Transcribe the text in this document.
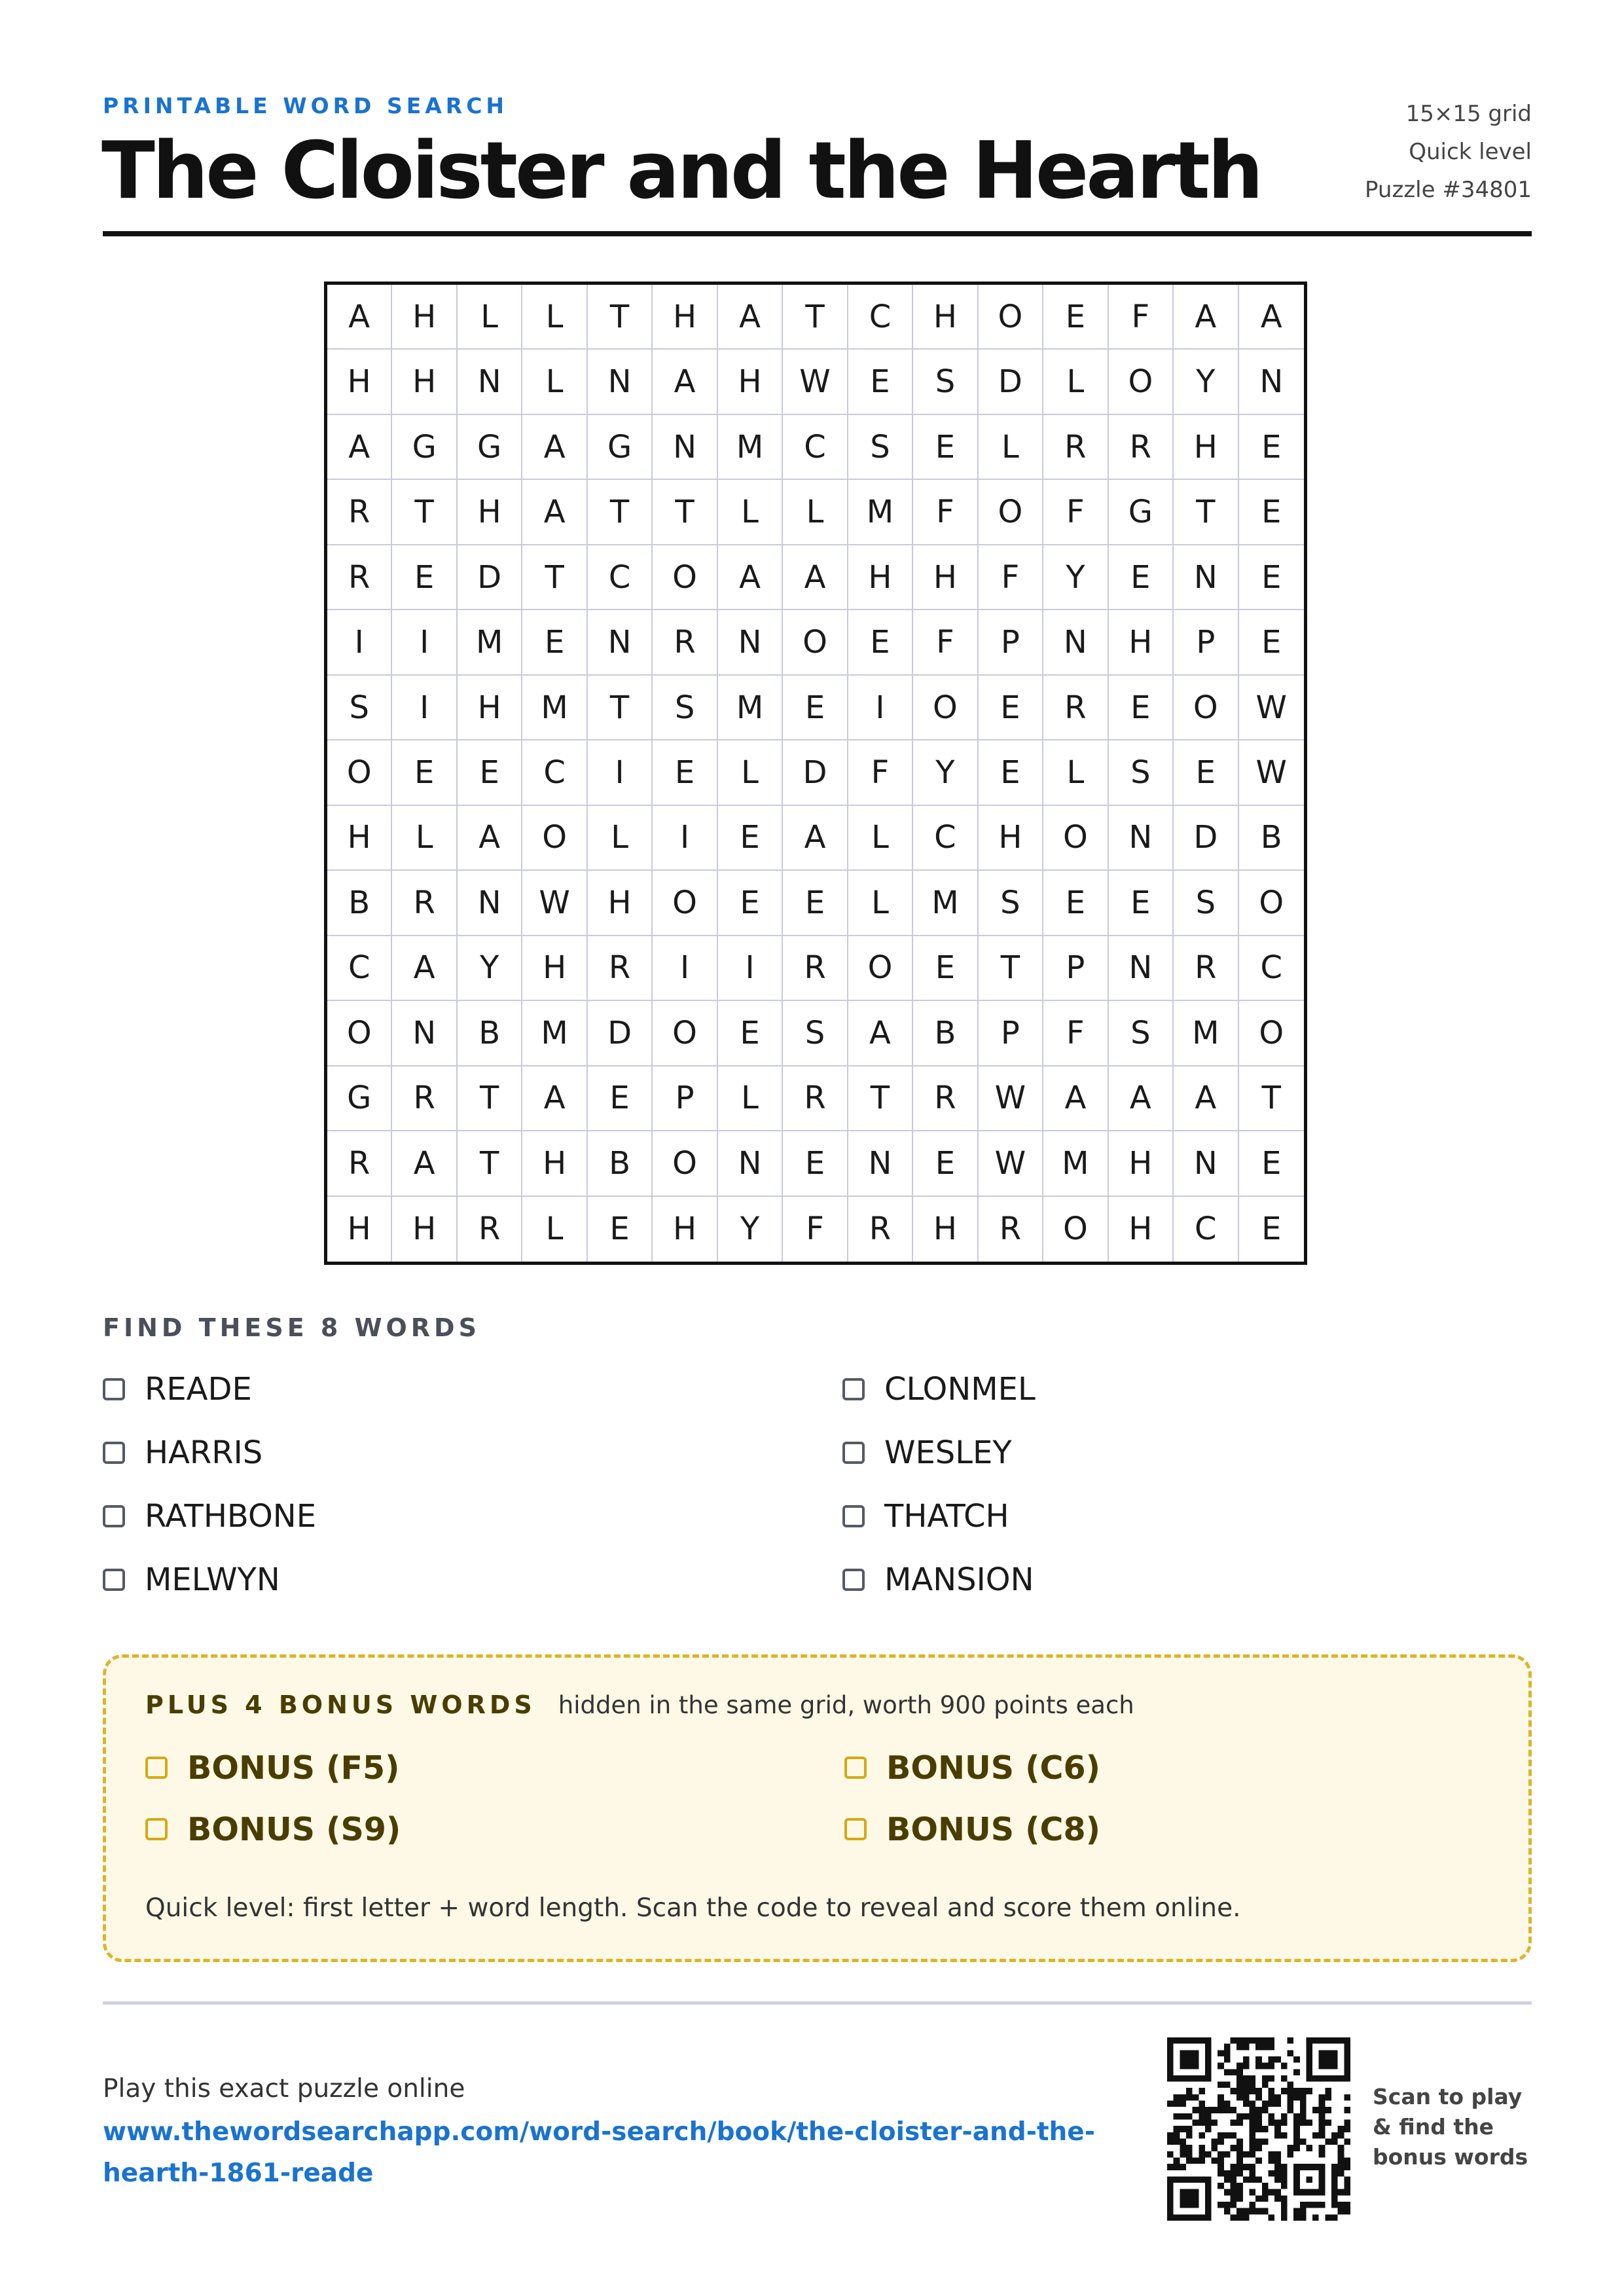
PRINTABLE WORD SEARCH
The Cloister and the Hearth
15×15 grid
Quick level
Puzzle #34801
A	H	L	L	T	H	A	T	C	H	O	E	F	A	A
H	H	N	L	N	A	H	W	E	S	D	L	O	Y	N
A	G	G	A	G	N	M	C	S	E	L	R	R	H	E
R	T	H	A	T	T	L	L	M	F	O	F	G	T	E
R	E	D	T	C	O	A	A	H	H	F	Y	E	N	E
I	I	M	E	N	R	N	O	E	F	P	N	H	P	E
S	I	H	M	T	S	M	E	I	O	E	R	E	O	W
O	E	E	C	I	E	L	D	F	Y	E	L	S	E	W
H	L	A	O	L	I	E	A	L	C	H	O	N	D	B
B	R	N	W	H	O	E	E	L	M	S	E	E	S	O
C	A	Y	H	R	I	I	R	O	E	T	P	N	R	C
O	N	B	M	D	O	E	S	A	B	P	F	S	M	O
G	R	T	A	E	P	L	R	T	R	W	A	A	A	T
R	A	T	H	B	O	N	E	N	E	W	M	H	N	E
H	H	R	L	E	H	Y	F	R	H	R	O	H	C	E
FIND THESE 8 WORDS
READE	CLONMEL
HARRIS	WESLEY
RATHBONE	THATCH
MELWYN	MANSION
PLUS 4 BONUS WORDS hidden in the same grid, worth 900 points each
BONUS (F5)	BONUS (C6)
BONUS (S9)	BONUS (C8)
Quick level: first letter + word length. Scan the code to reveal and score them online.
Play this exact puzzle online
www.thewordsearchapp.com/word-search/book/the-cloister-and-the-hearth-1861-reade
Scan to play & find the bonus words
